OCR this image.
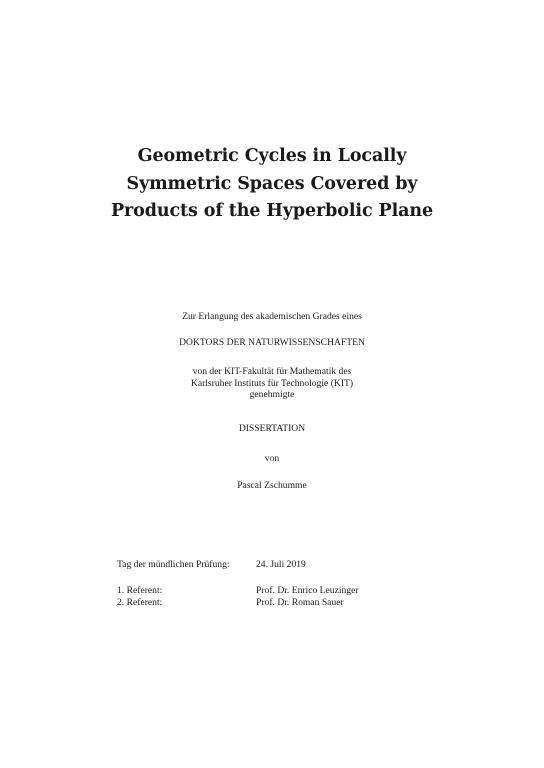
Geometric Cycles in Locally
Symmetric Spaces Covered by
Products of the Hyperbolic Plane
Zur Erlangung des akademischen Grades eines
DOKTORS DER NATURWISSENSCHAFTEN
von der KIT-Fakultät für Mathematik des
Karlsruher Instituts für Technologie (KIT)
genehmigte
DISSERTATION
von
Pascal Zschumme
Tag der mündlichen Prüfung:	24. Juli 2019
1. Referent:	Prof. Dr. Enrico Leuzinger
2. Referent:	Prof. Dr. Roman Sauer
